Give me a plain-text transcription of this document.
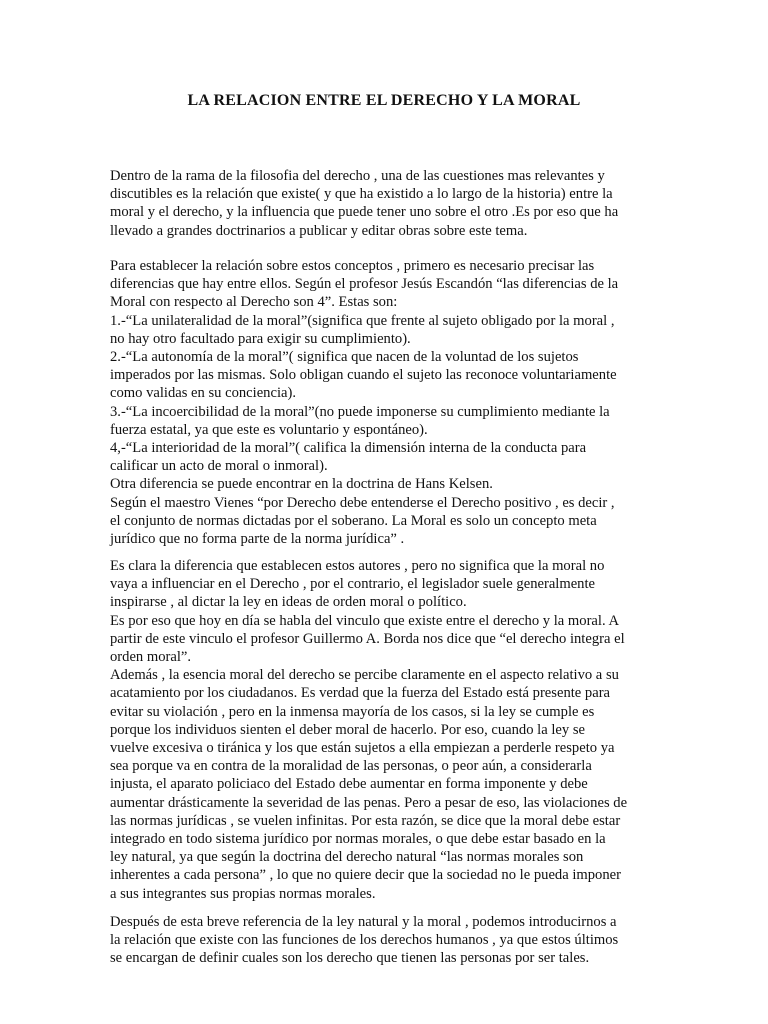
LA RELACION ENTRE EL DERECHO Y LA MORAL
Dentro de la rama de la filosofia del derecho , una de las cuestiones mas relevantes y
discutibles es la relación que existe( y que ha existido a lo largo de la historia) entre la
moral y el derecho, y la influencia que puede tener uno sobre el otro .Es por eso que ha
llevado a grandes doctrinarios a publicar y editar obras sobre este tema.
Para establecer la relación sobre estos conceptos , primero es necesario precisar las
diferencias que hay entre ellos. Según el profesor Jesús Escandón “las diferencias de la
Moral con respecto al Derecho son 4”. Estas son:
1.-“La unilateralidad de la moral”(significa que frente al sujeto obligado por la moral ,
no hay otro facultado para exigir su cumplimiento).
2.-“La autonomía de la moral”( significa que nacen de la voluntad de los sujetos
imperados por las mismas. Solo obligan cuando el sujeto las reconoce voluntariamente
como validas en su conciencia).
3.-“La incoercibilidad de la moral”(no puede imponerse su cumplimiento mediante la
fuerza estatal, ya que este es voluntario y espontáneo).
4,-“La interioridad de la moral”( califica la dimensión interna de la conducta para
calificar un acto de moral o inmoral).
Otra diferencia se puede encontrar en la doctrina de Hans Kelsen.
Según el maestro Vienes “por Derecho debe entenderse el Derecho positivo , es decir ,
el conjunto de normas dictadas por el soberano. La Moral es solo un concepto meta
jurídico que no forma parte de la norma jurídica” .
Es clara la diferencia que establecen estos autores , pero no significa que la moral no
vaya a influenciar en el Derecho , por el contrario, el legislador suele generalmente
inspirarse , al dictar la ley en ideas de orden moral o político.
Es por eso que hoy en día se habla del vinculo que existe entre el derecho y la moral. A
partir de este vinculo el profesor Guillermo A. Borda nos dice que “el derecho integra el
orden moral”.
Además , la esencia moral del derecho se percibe claramente en el aspecto relativo a su
acatamiento por los ciudadanos. Es verdad que la fuerza del Estado está presente para
evitar su violación , pero en la inmensa mayoría de los casos, si la ley se cumple es
porque los individuos sienten el deber moral de hacerlo. Por eso, cuando la ley se
vuelve excesiva o tiránica y los que están sujetos a ella empiezan a perderle respeto ya
sea porque va en contra de la moralidad de las personas, o peor aún, a considerarla
injusta, el aparato policiaco del Estado debe aumentar en forma imponente y debe
aumentar drásticamente la severidad de las penas. Pero a pesar de eso, las violaciones de
las normas jurídicas , se vuelen infinitas. Por esta razón, se dice que la moral debe estar
integrado en todo sistema jurídico por normas morales, o que debe estar basado en la
ley natural, ya que según la doctrina del derecho natural “las normas morales son
inherentes a cada persona” , lo que no quiere decir que la sociedad no le pueda imponer
a sus integrantes sus propias normas morales.
Después de esta breve referencia de la ley natural y la moral , podemos introducirnos a
la relación que existe con las funciones de los derechos humanos , ya que estos últimos
se encargan de definir cuales son los derecho que tienen las personas por ser tales.
